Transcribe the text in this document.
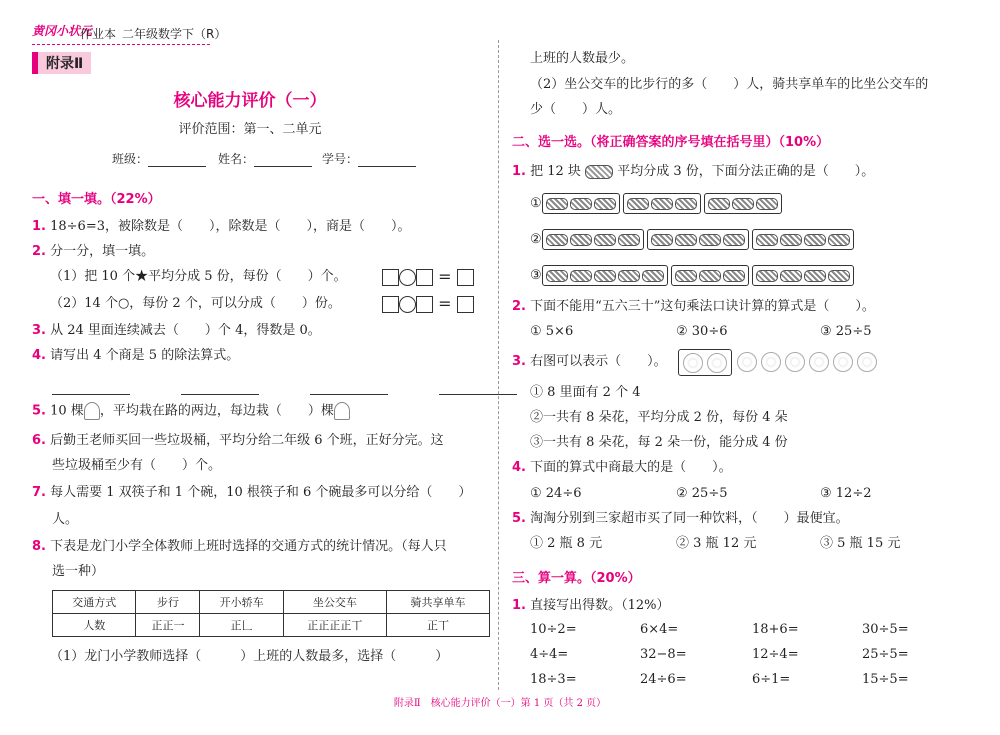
黄冈小状元
作业本 二年级数学下（R）
附录Ⅱ
核心能力评价（一）
评价范围：第一、二单元
班级：	姓名：	学号：
一、填一填。（22%）
1. 18÷6=3，被除数是（　　），除数是（　　），商是（　　）。
2. 分一分，填一填。
（1）把 10 个★平均分成 5 份，每份（　　）个。	=
（2）14 个○，每份 2 个，可以分成（　　）份。	=
3. 从 24 里面连续减去（　　）个 4，得数是 0。
4. 请写出 4 个商是 5 的除法算式。

5. 10 棵 ，平均栽在路的两边，每边栽（　　）棵
6. 后勤王老师买回一些垃圾桶，平均分给二年级 6 个班，正好分完。这
些垃圾桶至少有（　　）个。
7. 每人需要 1 双筷子和 1 个碗，10 根筷子和 6 个碗最多可以分给（　　）
人。
8. 下表是龙门小学全体教师上班时选择的交通方式的统计情况。（每人只
选一种）
交通方式	步行	开小轿车	坐公交车	骑共享单车
人数	正正一	正𠃊	正正正正丅	正丅
（1）龙门小学教师选择（　　　）上班的人数最多，选择（　　　）
上班的人数最少。
（2）坐公交车的比步行的多（　　）人，骑共享单车的比坐公交车的
少（　　）人。
二、选一选。（将正确答案的序号填在括号里）（10%）
1. 把 12 块	平均分成 3 份，下面分法正确的是（　　）。
①
②
③
2. 下面不能用“五六三十”这句乘法口诀计算的算式是（　　）。
① 5×6	② 30÷6	③ 25÷5
3. 右图可以表示（　　）。
① 8 里面有 2 个 4
②一共有 8 朵花，平均分成 2 份，每份 4 朵
③一共有 8 朵花，每 2 朵一份，能分成 4 份
4. 下面的算式中商最大的是（　　）。
① 24÷6	② 25÷5	③ 12÷2
5. 淘淘分别到三家超市买了同一种饮料，（　　）最便宜。
① 2 瓶 8 元	② 3 瓶 12 元	③ 5 瓶 15 元
三、算一算。（20%）
1. 直接写出得数。（12%）
10÷2=	6×4=	18+6=	30÷5=
4÷4=	32−8=	12÷4=	25÷5=
18÷3=	24÷6=	6÷1=	15÷5=
附录Ⅱ　核心能力评价（一）第 1 页（共 2 页）
